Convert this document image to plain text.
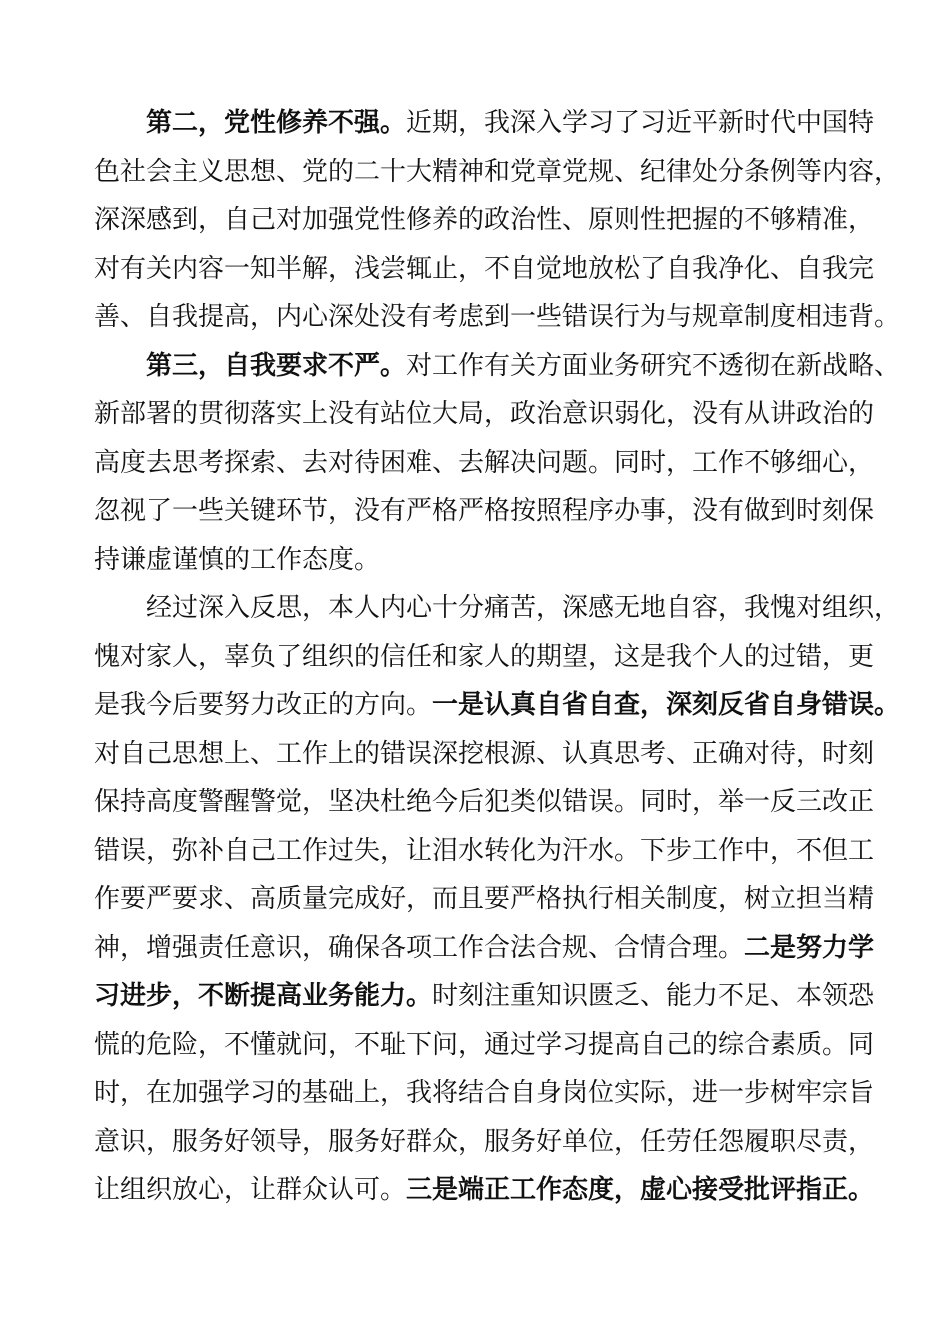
第二，党性修养不强。近期，我深入学习了习近平新时代中国特
色社会主义思想、党的二十大精神和党章党规、纪律处分条例等内容，
深深感到，自己对加强党性修养的政治性、原则性把握的不够精准，
对有关内容一知半解，浅尝辄止，不自觉地放松了自我净化、自我完
善、自我提高，内心深处没有考虑到一些错误行为与规章制度相违背。
第三，自我要求不严。对工作有关方面业务研究不透彻在新战略、
新部署的贯彻落实上没有站位大局，政治意识弱化，没有从讲政治的
高度去思考探索、去对待困难、去解决问题。同时，工作不够细心，
忽视了一些关键环节，没有严格严格按照程序办事，没有做到时刻保
持谦虚谨慎的工作态度。
经过深入反思，本人内心十分痛苦，深感无地自容，我愧对组织，
愧对家人，辜负了组织的信任和家人的期望，这是我个人的过错，更
是我今后要努力改正的方向。一是认真自省自查，深刻反省自身错误。
对自己思想上、工作上的错误深挖根源、认真思考、正确对待，时刻
保持高度警醒警觉，坚决杜绝今后犯类似错误。同时，举一反三改正
错误，弥补自己工作过失，让泪水转化为汗水。下步工作中，不但工
作要严要求、高质量完成好，而且要严格执行相关制度，树立担当精
神，增强责任意识，确保各项工作合法合规、合情合理。二是努力学
习进步，不断提高业务能力。时刻注重知识匮乏、能力不足、本领恐
慌的危险，不懂就问，不耻下问，通过学习提高自己的综合素质。同
时，在加强学习的基础上，我将结合自身岗位实际，进一步树牢宗旨
意识，服务好领导，服务好群众，服务好单位，任劳任怨履职尽责，
让组织放心，让群众认可。三是端正工作态度，虚心接受批评指正。
